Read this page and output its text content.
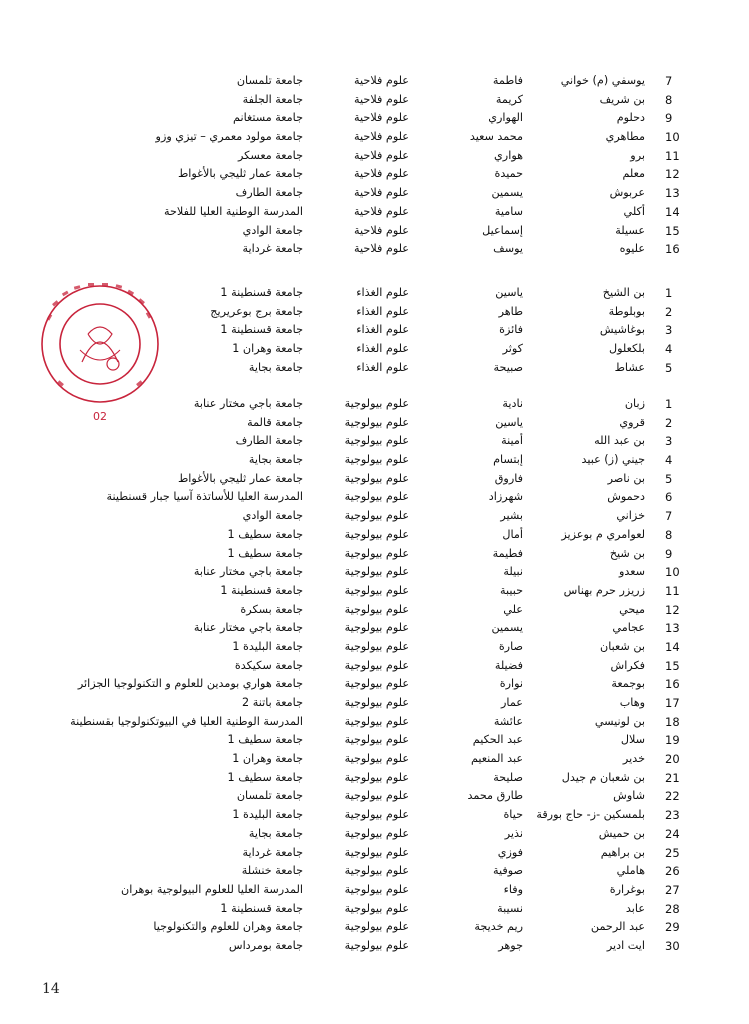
7
يوسفي (م) خواني
فاطمة
علوم فلاحية
جامعة تلمسان
8
بن شريف
كريمة
علوم فلاحية
جامعة الجلفة
9
دحلوم
الهواري
علوم فلاحية
جامعة مستغانم
10
مطاهري
محمد سعيد
علوم فلاحية
جامعة مولود معمري – تيزي وزو
11
برو
هواري
علوم فلاحية
جامعة معسكر
12
معلم
حميدة
علوم فلاحية
جامعة عمار ثليجي بالأغواط
13
عربوش
يسمين
علوم فلاحية
جامعة الطارف
14
أكلي
سامية
علوم فلاحية
المدرسة الوطنية العليا للفلاحة
15
عسيلة
إسماعيل
علوم فلاحية
جامعة الوادي
16
عليوه
يوسف
علوم فلاحية
جامعة غرداية
1
بن الشيخ
ياسين
علوم الغذاء
جامعة قسنطينة 1
2
بوبلوطة
طاهر
علوم الغذاء
جامعة برج بوعريريج
3
بوغاشيش
فائزة
علوم الغذاء
جامعة قسنطينة 1
4
بلكعلول
كوثر
علوم الغذاء
جامعة وهران 1
5
عشاط
صبيحة
علوم الغذاء
جامعة بجاية
1
زبان
نادية
علوم بيولوجية
جامعة باجي مختار عنابة
2
قروي
ياسين
علوم بيولوجية
جامعة قالمة
3
بن عبد الله
أمينة
علوم بيولوجية
جامعة الطارف
4
جيني (ز) عبيد
إبتسام
علوم بيولوجية
جامعة بجاية
5
بن ناصر
فاروق
علوم بيولوجية
جامعة عمار ثليجي بالأغواط
6
دحموش
شهرزاد
علوم بيولوجية
المدرسة العليا للأساتذة آسيا جبار قسنطينة
7
خزاني
بشير
علوم بيولوجية
جامعة الوادي
8
لعوامري م بوعزيز
أمال
علوم بيولوجية
جامعة سطيف 1
9
بن شيخ
فطيمة
علوم بيولوجية
جامعة سطيف 1
10
سعدو
نبيلة
علوم بيولوجية
جامعة باجي مختار عنابة
11
زريزر حرم بهناس
حبيبة
علوم بيولوجية
جامعة قسنطينة 1
12
ميحي
علي
علوم بيولوجية
جامعة بسكرة
13
عجامي
يسمين
علوم بيولوجية
جامعة باجي مختار عنابة
14
بن شعبان
صارة
علوم بيولوجية
جامعة البليدة 1
15
فكراش
فضيلة
علوم بيولوجية
جامعة سكيكدة
16
بوجمعة
نوارة
علوم بيولوجية
جامعة هواري بومدين للعلوم و التكنولوجيا الجزائر
17
وهاب
عمار
علوم بيولوجية
جامعة باتنة 2
18
بن لونيسي
عائشة
علوم بيولوجية
المدرسة الوطنية العليا في البيوتكنولوجيا بقسنطينة
19
سلال
عبد الحكيم
علوم بيولوجية
جامعة سطيف 1
20
خدير
عبد المنعيم
علوم بيولوجية
جامعة وهران 1
21
بن شعبان م جيدل
صليحة
علوم بيولوجية
جامعة سطيف 1
22
شاوش
طارق محمد
علوم بيولوجية
جامعة تلمسان
23
بلمسكين -ز- حاج بورقة
حياة
علوم بيولوجية
جامعة البليدة 1
24
بن حميش
نذير
علوم بيولوجية
جامعة بجاية
25
بن براهيم
فوزي
علوم بيولوجية
جامعة غرداية
26
هاملي
صوفية
علوم بيولوجية
جامعة خنشلة
27
بوغرارة
وفاء
علوم بيولوجية
المدرسة العليا للعلوم البيولوجية بوهران
28
عابد
نسيبة
علوم بيولوجية
جامعة قسنطينة 1
29
عبد الرحمن
ريم خديجة
علوم بيولوجية
جامعة وهران للعلوم والتكنولوجيا
30
ايت ادير
جوهر
علوم بيولوجية
جامعة بومرداس
02
14
